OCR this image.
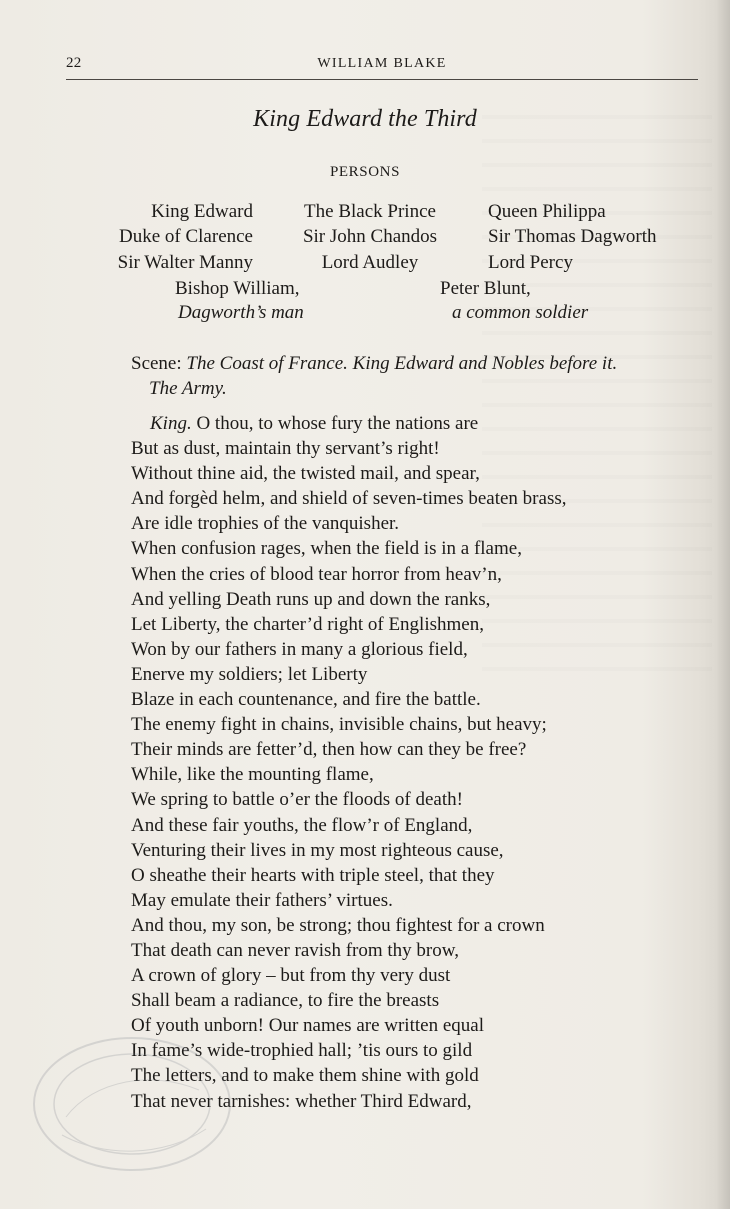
22	WILLIAM BLAKE
King Edward the Third
PERSONS
King Edward	The Black Prince	Queen Philippa
Duke of Clarence	Sir John Chandos	Sir Thomas Dagworth
Sir Walter Manny	Lord Audley	Lord Percy
Bishop William,	Peter Blunt,
Dagworth’s man	a common soldier
Scene: The Coast of France. King Edward and Nobles before it.
The Army.
King. O thou, to whose fury the nations are
But as dust, maintain thy servant’s right!
Without thine aid, the twisted mail, and spear,
And forgèd helm, and shield of seven-times beaten brass,
Are idle trophies of the vanquisher.
When confusion rages, when the field is in a flame,
When the cries of blood tear horror from heav’n,
And yelling Death runs up and down the ranks,
Let Liberty, the charter’d right of Englishmen,
Won by our fathers in many a glorious field,
Enerve my soldiers; let Liberty
Blaze in each countenance, and fire the battle.
The enemy fight in chains, invisible chains, but heavy;
Their minds are fetter’d, then how can they be free?
While, like the mounting flame,
We spring to battle o’er the floods of death!
And these fair youths, the flow’r of England,
Venturing their lives in my most righteous cause,
O sheathe their hearts with triple steel, that they
May emulate their fathers’ virtues.
And thou, my son, be strong; thou fightest for a crown
That death can never ravish from thy brow,
A crown of glory – but from thy very dust
Shall beam a radiance, to fire the breasts
Of youth unborn! Our names are written equal
In fame’s wide-trophied hall; ’tis ours to gild
The letters, and to make them shine with gold
That never tarnishes: whether Third Edward,
